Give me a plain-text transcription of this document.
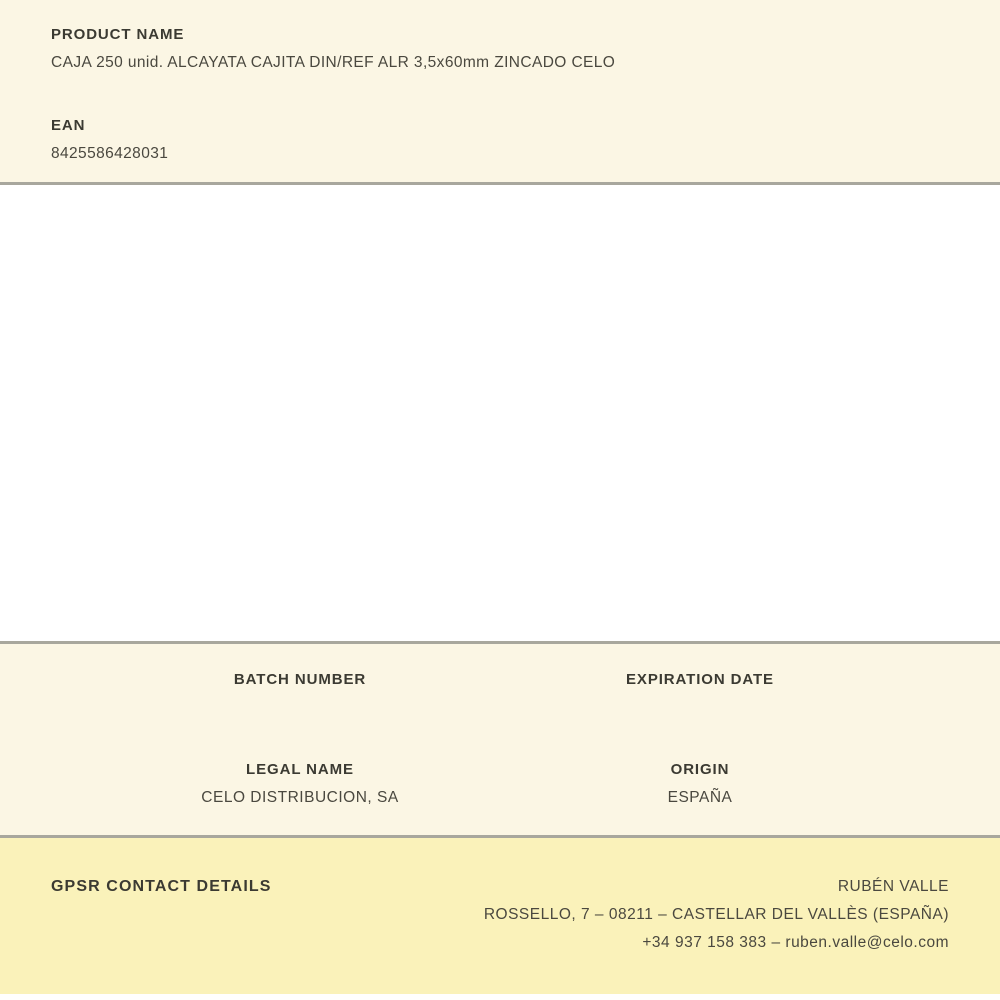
PRODUCT NAME
CAJA 250 unid. ALCAYATA CAJITA DIN/REF ALR 3,5x60mm ZINCADO CELO
EAN
8425586428031
BATCH NUMBER	EXPIRATION DATE
LEGAL NAME
CELO DISTRIBUCION, SA
ORIGIN
ESPAÑA
GPSR CONTACT DETAILS	RUBÉN VALLE
ROSSELLO, 7 – 08211 – CASTELLAR DEL VALLÈS (ESPAÑA)
+34 937 158 383 – ruben.valle@celo.com
